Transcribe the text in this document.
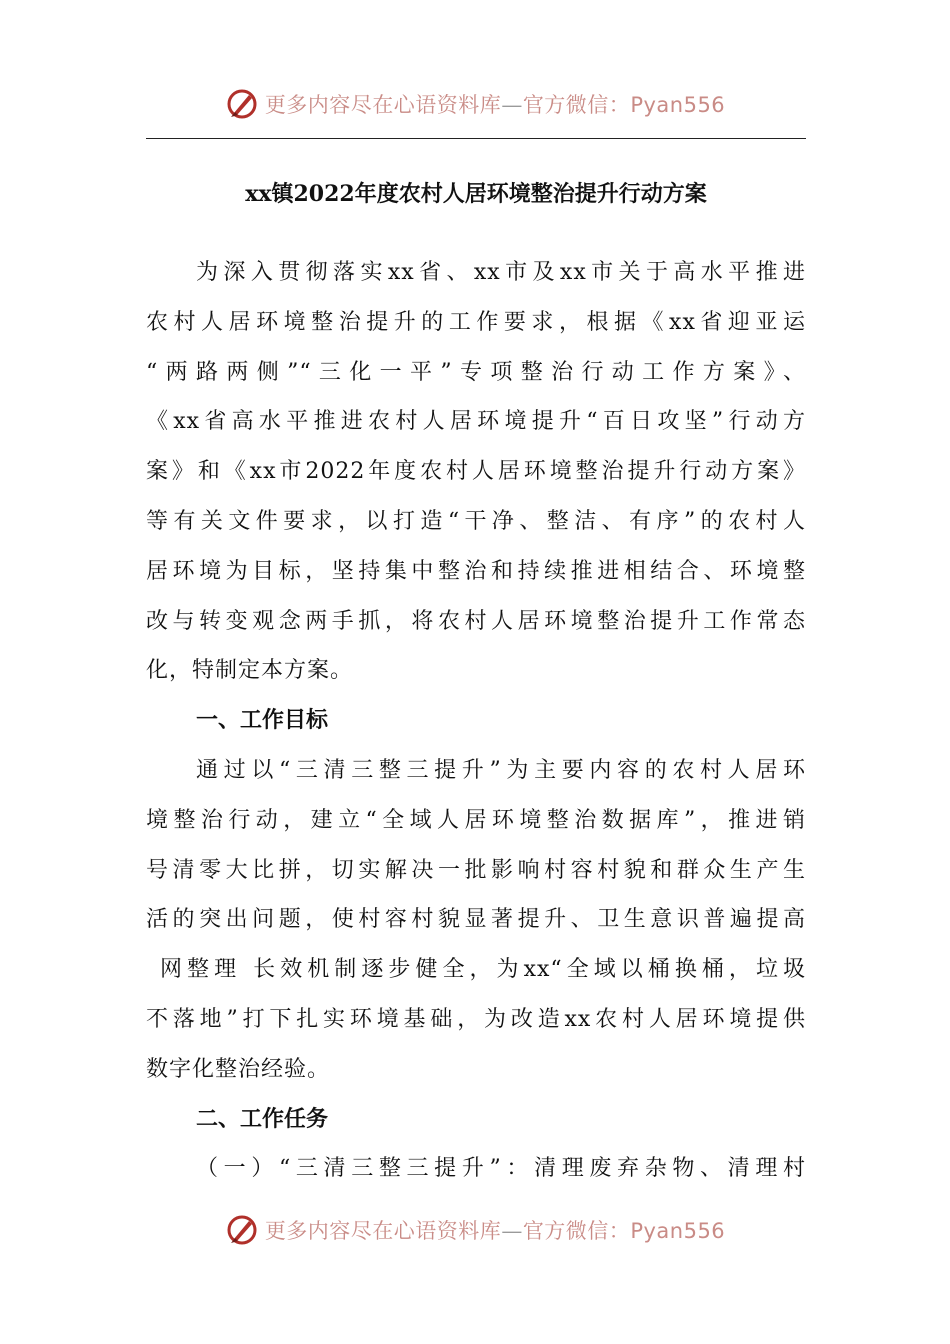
更多内容尽在心语资料库—官方微信：Pyan556
xx镇2022年度农村人居环境整治提升行动方案
为深入贯彻落实xx省、xx市及xx市关于高水平推进
农村人居环境整治提升的工作要求，根据《xx省迎亚运
“两路两侧”“三化一平”专项整治行动工作方案》、
《xx省高水平推进农村人居环境提升“百日攻坚”行动方
案》和《xx市2022年度农村人居环境整治提升行动方案》
等有关文件要求，以打造“干净、整洁、有序”的农村人
居环境为目标，坚持集中整治和持续推进相结合、环境整
改与转变观念两手抓，将农村人居环境整治提升工作常态
化，特制定本方案。
一、工作目标
通过以“三清三整三提升”为主要内容的农村人居环
境整治行动，建立“全域人居环境整治数据库”，推进销
号清零大比拼，切实解决一批影响村容村貌和群众生产生
活的突出问题，使村容村貌显著提升、卫生意识普遍提高
网整理 长效机制逐步健全，为xx“全域以桶换桶，垃圾
不落地”打下扎实环境基础，为改造xx农村人居环境提供
数字化整治经验。
二、工作任务
（一）“三清三整三提升”：清理废弃杂物、清理村
更多内容尽在心语资料库—官方微信：Pyan556
